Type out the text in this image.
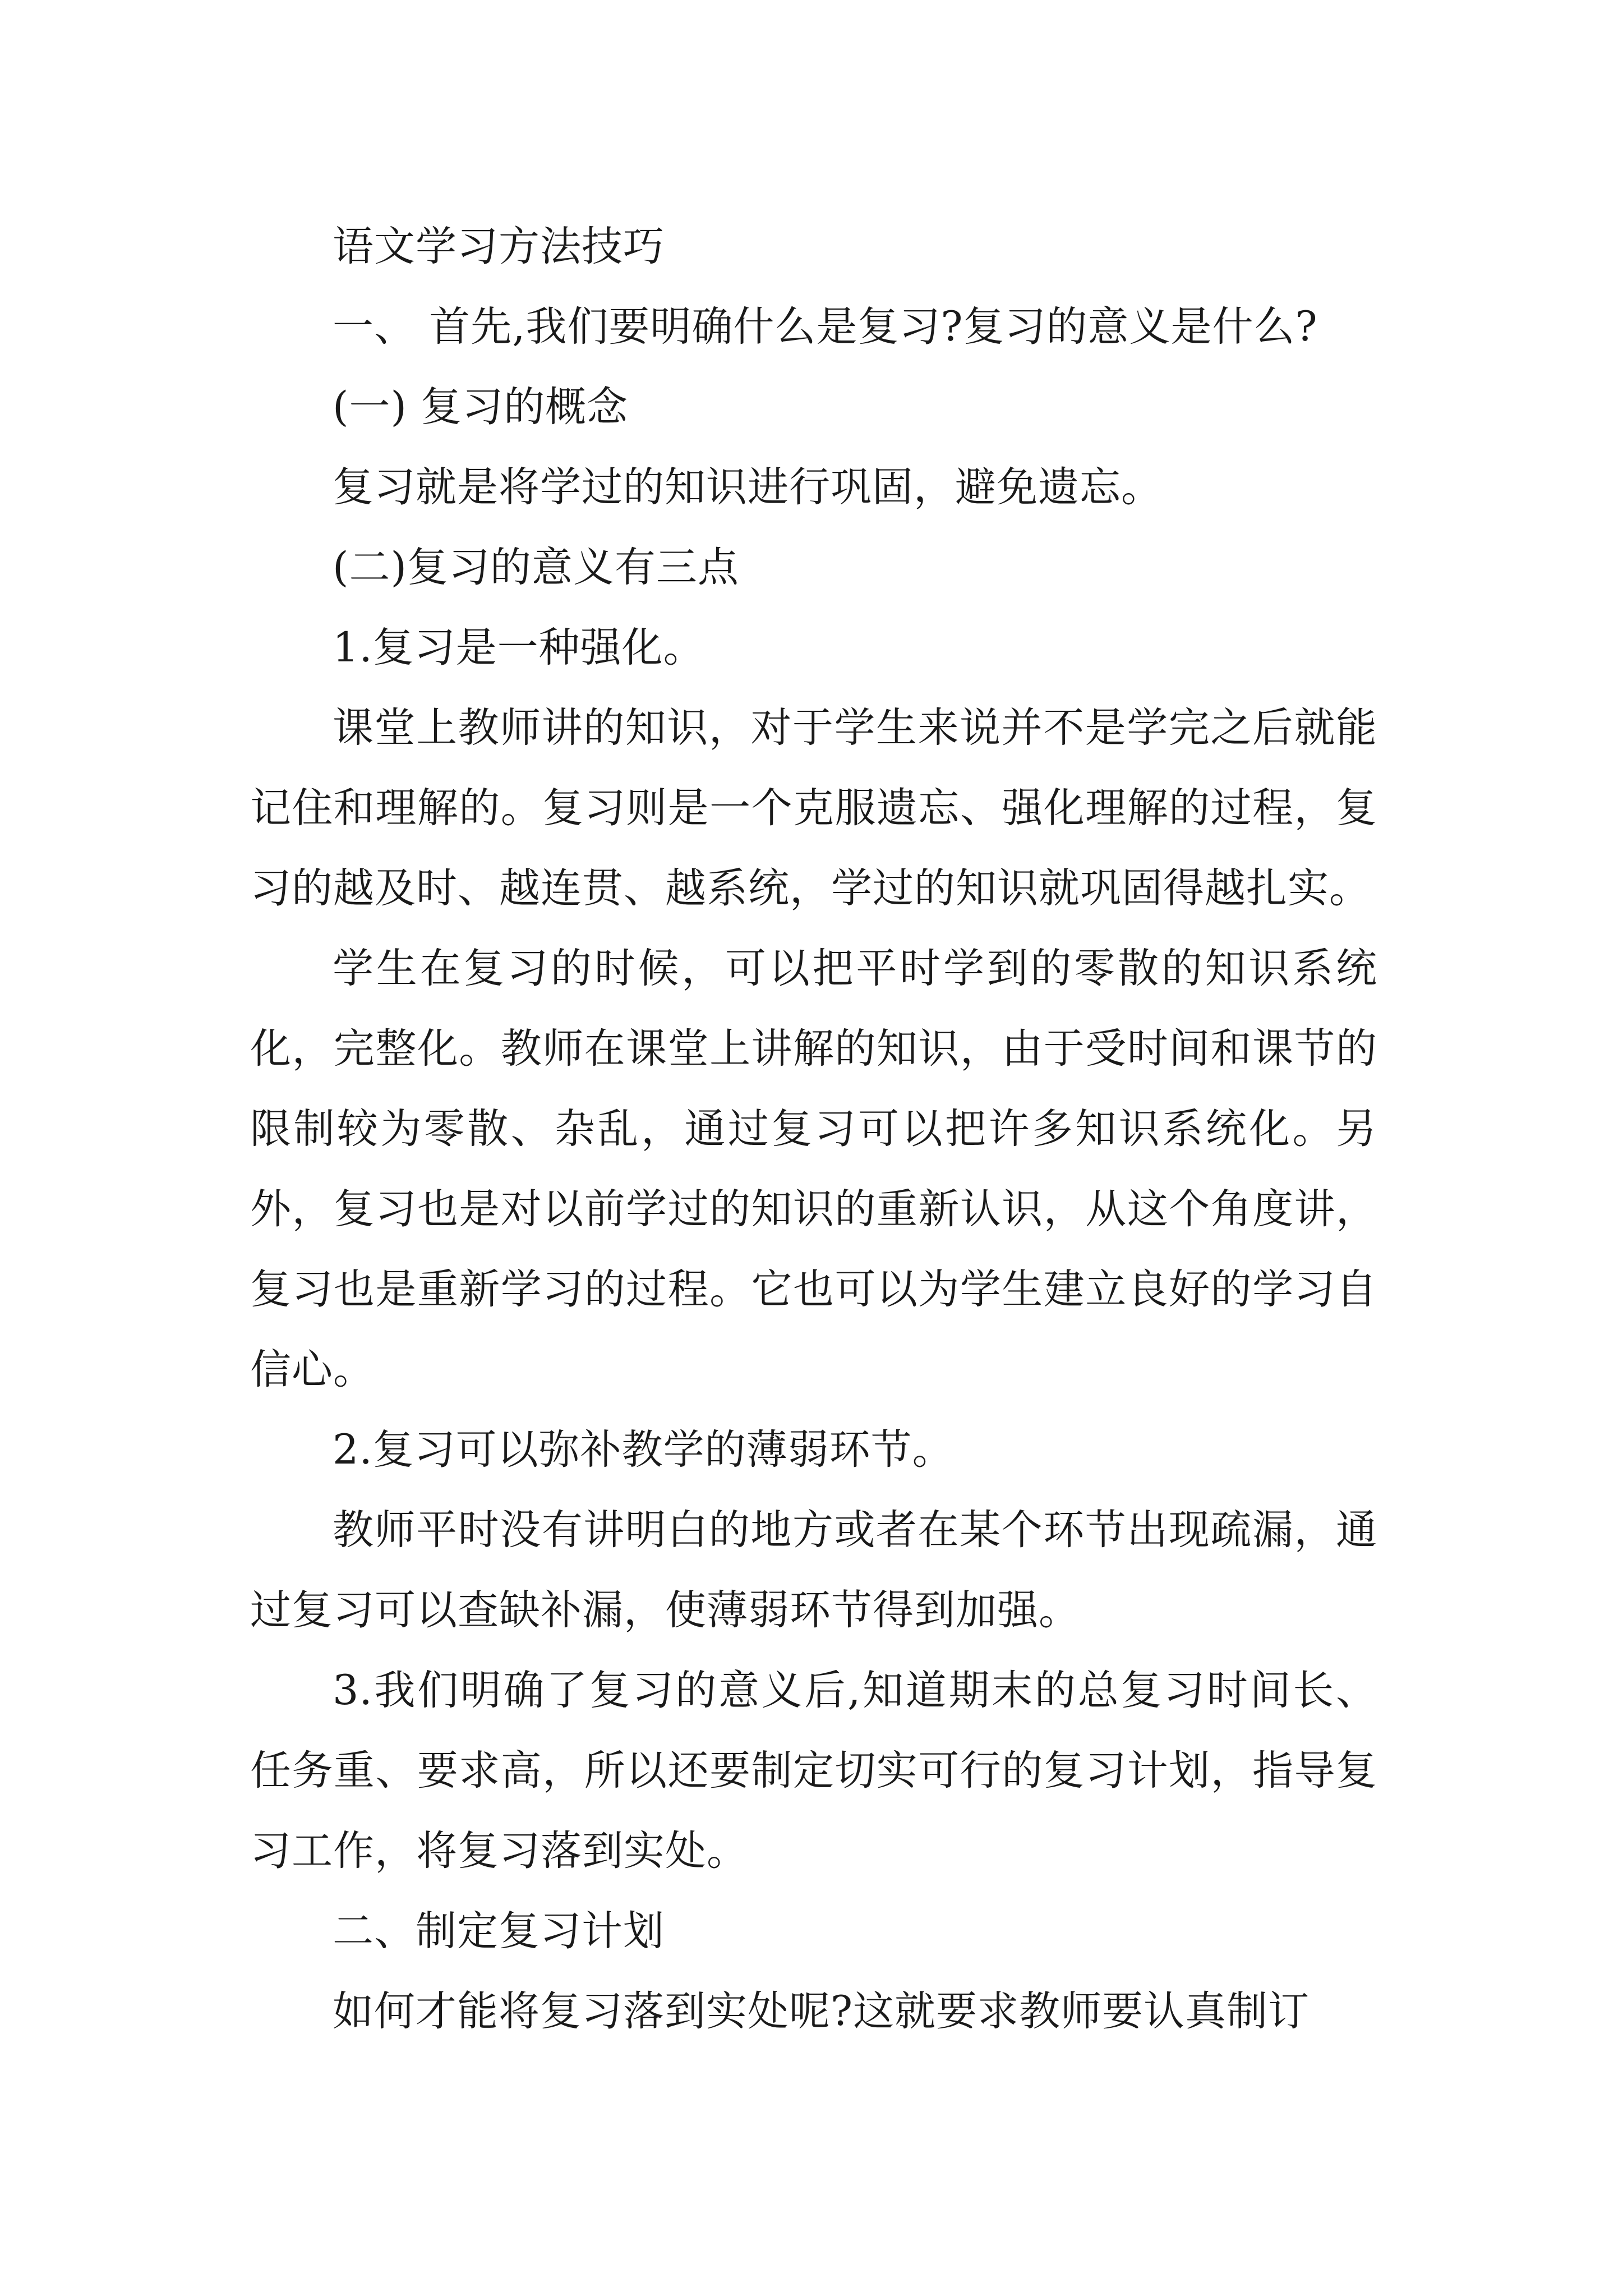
语文学习方法技巧

一、 首先,我们要明确什么是复习?复习的意义是什么?

(一) 复习的概念

复习就是将学过的知识进行巩固，避免遗忘。

(二)复习的意义有三点

1.复习是一种强化。

课堂上教师讲的知识，对于学生来说并不是学完之后就能记住和理解的。复习则是一个克服遗忘、强化理解的过程，复习的越及时、越连贯、越系统，学过的知识就巩固得越扎实。

学生在复习的时候，可以把平时学到的零散的知识系统化，完整化。教师在课堂上讲解的知识，由于受时间和课节的限制较为零散、杂乱，通过复习可以把许多知识系统化。另外，复习也是对以前学过的知识的重新认识，从这个角度讲，复习也是重新学习的过程。它也可以为学生建立良好的学习自信心。

2.复习可以弥补教学的薄弱环节。

教师平时没有讲明白的地方或者在某个环节出现疏漏，通过复习可以查缺补漏，使薄弱环节得到加强。

3.我们明确了复习的意义后,知道期末的总复习时间长、任务重、要求高，所以还要制定切实可行的复习计划，指导复习工作，将复习落到实处。

二、制定复习计划

如何才能将复习落到实处呢?这就要求教师要认真制订
